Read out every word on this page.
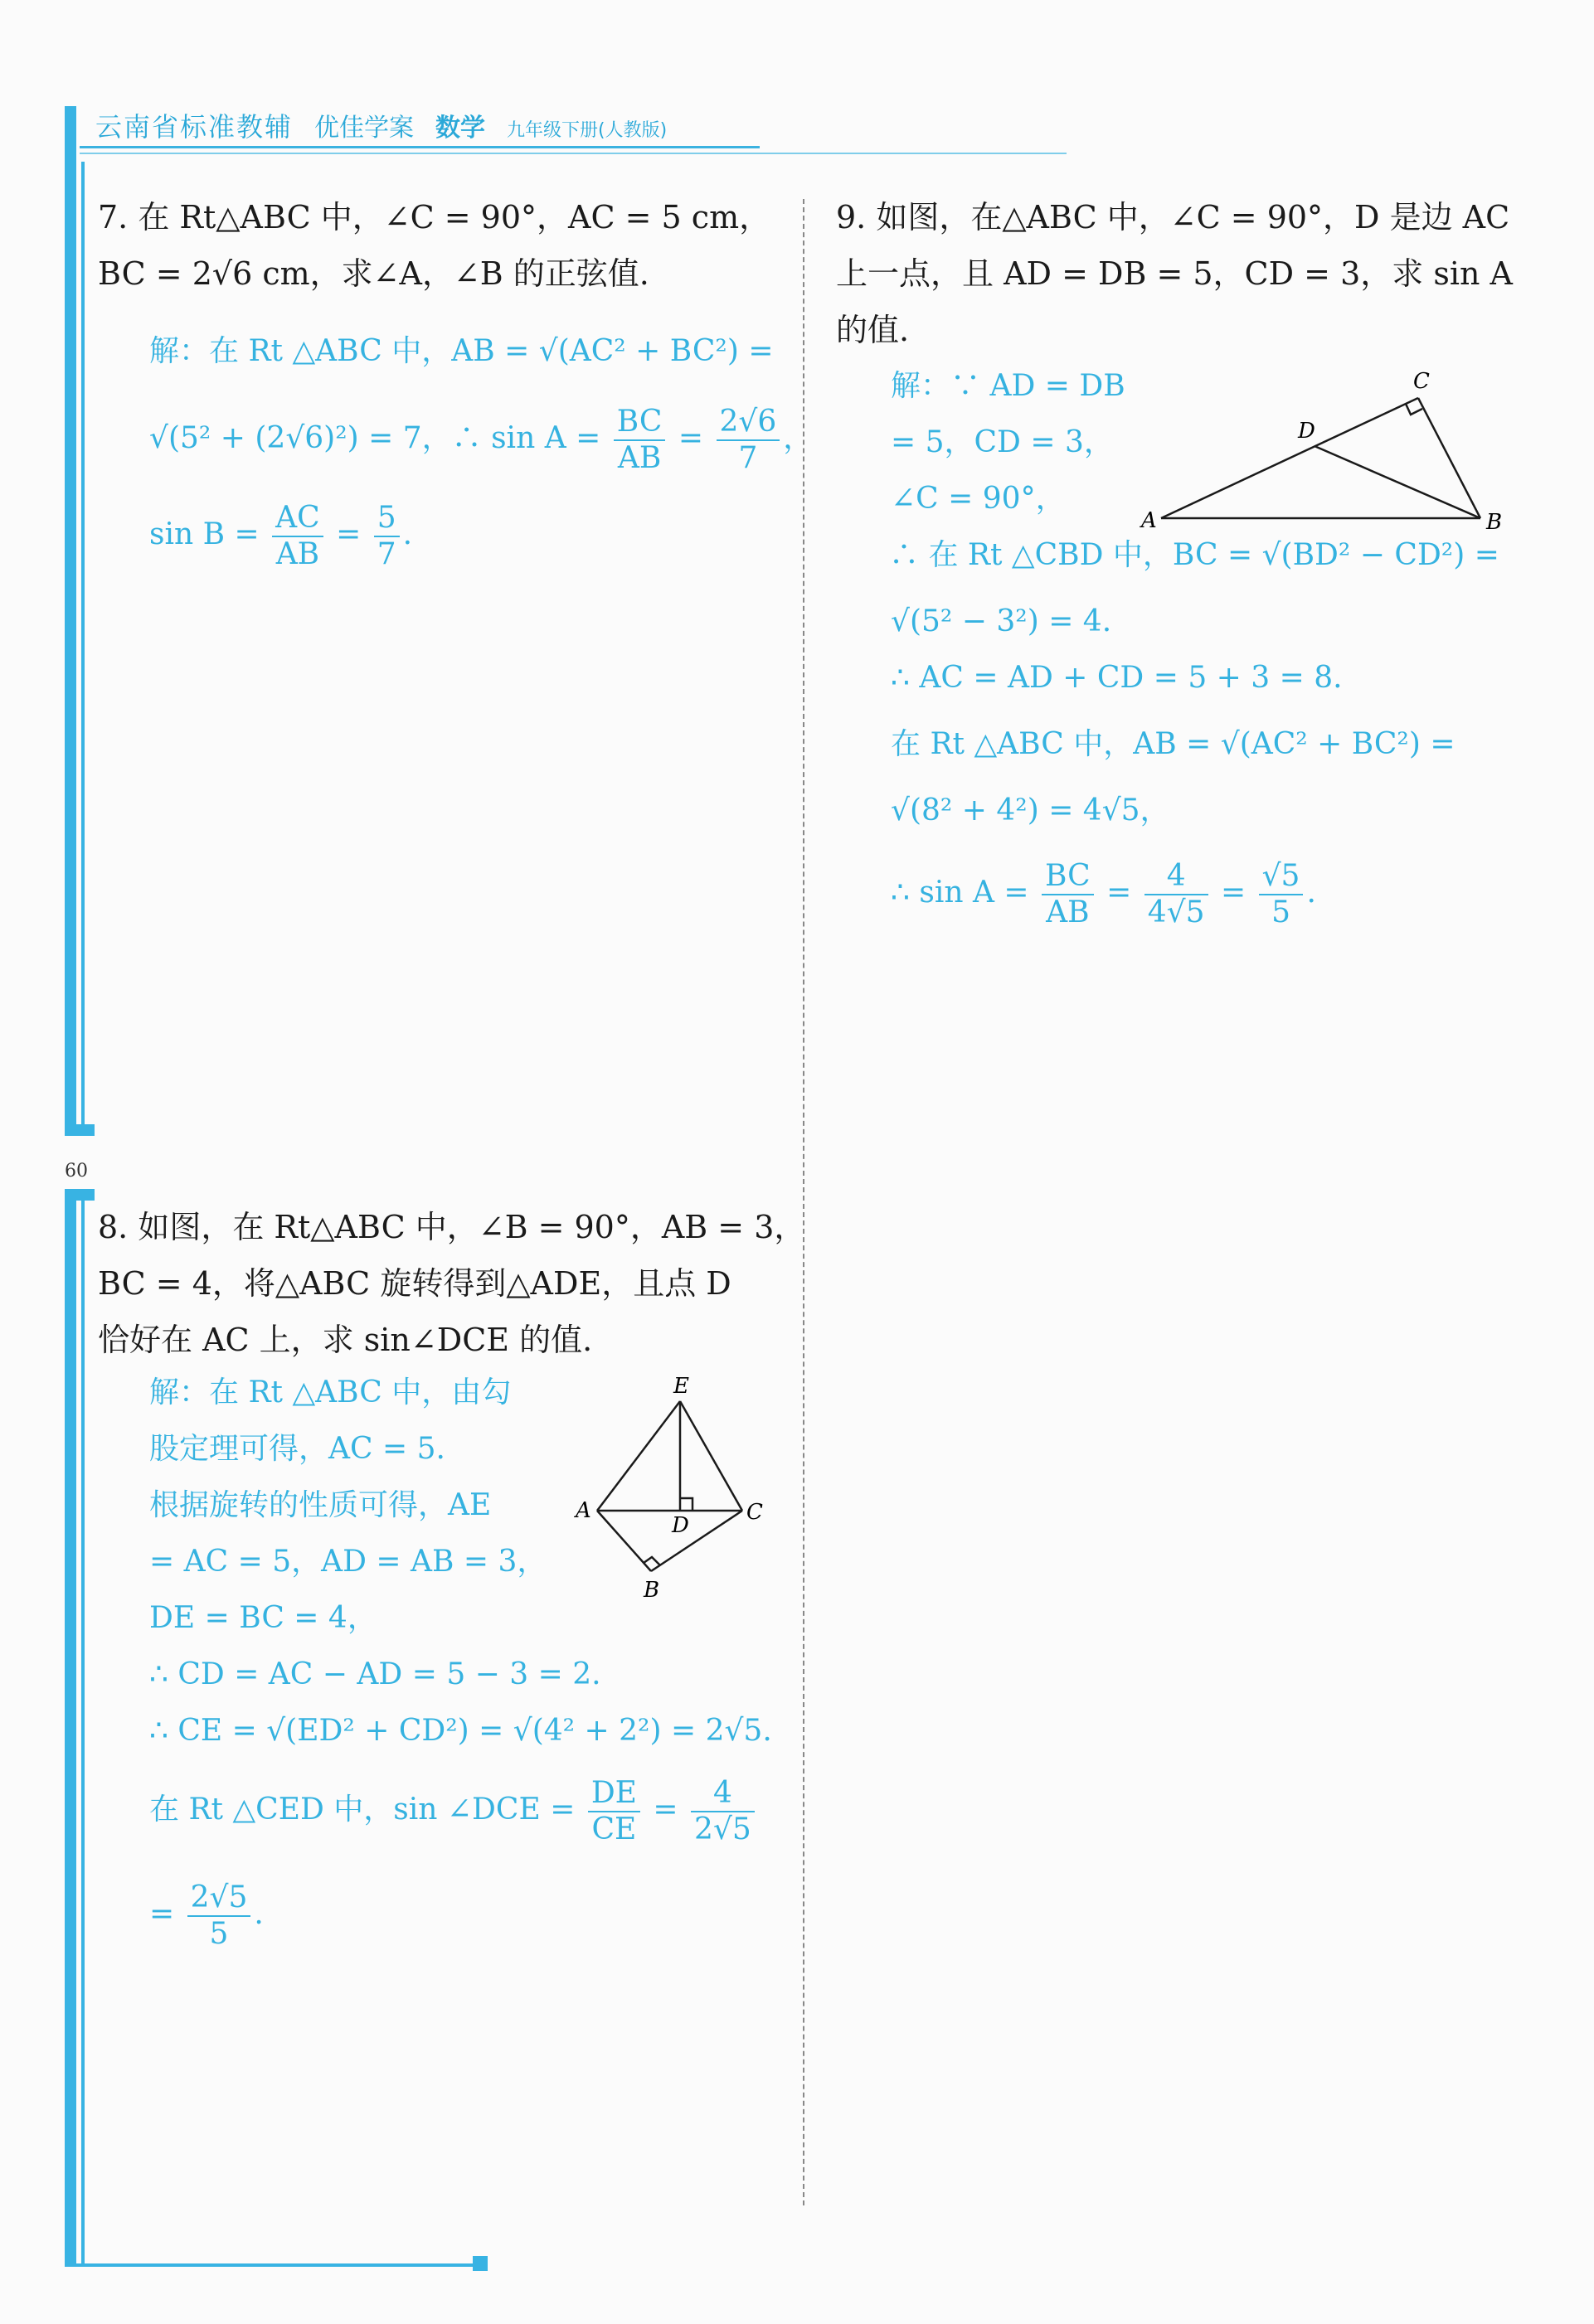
云南省标准教辅 优佳学案 数学 九年级下册(人教版)
60
7. 在 Rt△ABC 中，∠C = 90°，AC = 5 cm，
BC = 2√6 cm，求∠A，∠B 的正弦值.
解：在 Rt △ABC 中，AB = √(AC² + BC²) =
√(5² + (2√6)²) = 7，∴ $\sin A = \frac{BC}{AB} = \frac{2√6}{7}$ ，
$\sin B = \frac{AC}{AB} = \frac{5}{7}$ .
8. 如图，在 Rt△ABC 中，∠B = 90°，AB = 3，
BC = 4，将△ABC 旋转得到△ADE，且点 D
恰好在 AC 上，求 sin∠DCE 的值.
解：在 Rt △ABC 中，由勾
股定理可得，AC = 5.
根据旋转的性质可得，AE
= AC = 5，AD = AB = 3，
DE = BC = 4，
∴ CD = AC − AD = 5 − 3 = 2.
∴ CE = √(ED² + CD²) = √(4² + 2²) = 2√5.
在 Rt △CED 中，sin ∠DCE = $\frac{DE}{CE} = \frac{4}{2√5}$
= $\frac{2√5}{5}$ .
E
A
D
C
B
9. 如图，在△ABC 中，∠C = 90°，D 是边 AC
上一点，且 AD = DB = 5，CD = 3，求 sin A
的值.
解：∵ AD = DB
= 5，CD = 3，
∠C = 90°，
∴ 在 Rt △CBD 中，BC = √(BD² − CD²) =
√(5² − 3²) = 4.
∴ AC = AD + CD = 5 + 3 = 8.
在 Rt △ABC 中，AB = √(AC² + BC²) =
√(8² + 4²) = 4√5，
∴ $\sin A = \frac{BC}{AB} = \frac{4}{4√5} = \frac{√5}{5}$ .
A	B
C
D
